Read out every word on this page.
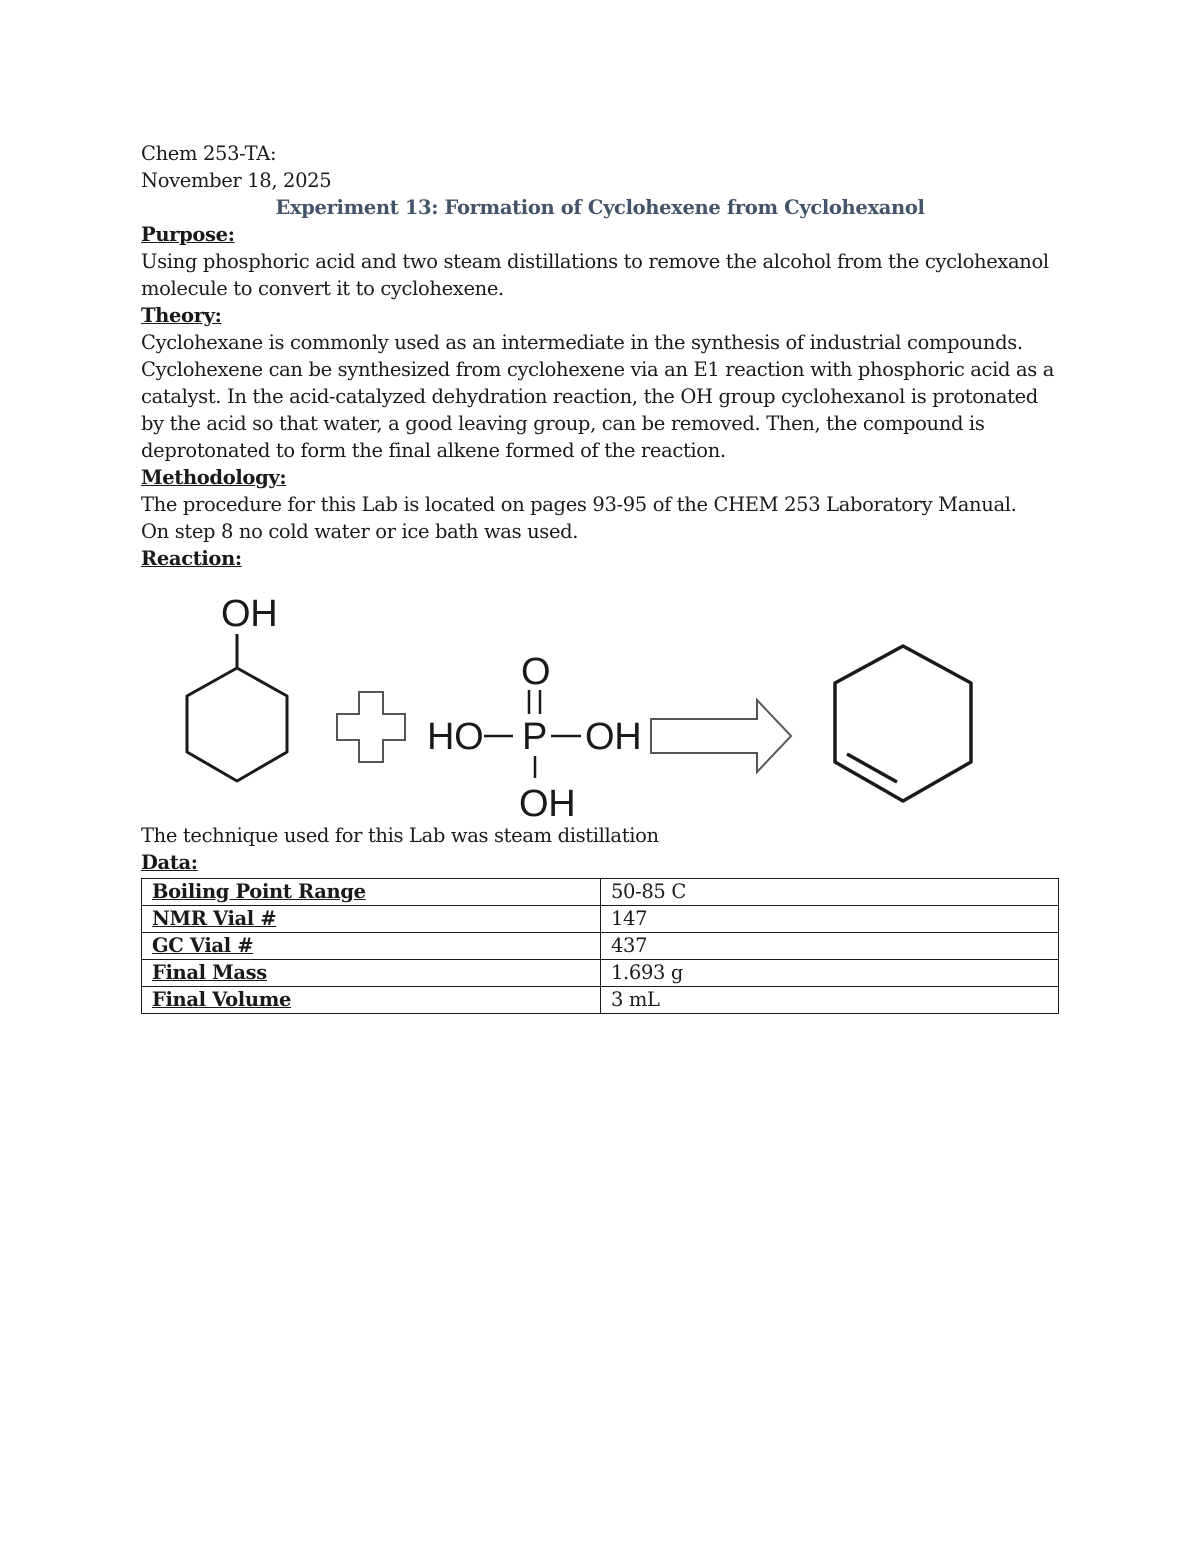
Chem 253-TA:

November 18, 2025

Experiment 13: Formation of Cyclohexene from Cyclohexanol

Purpose:

Using phosphoric acid and two steam distillations to remove the alcohol from the cyclohexanol molecule to convert it to cyclohexene.

Theory:

Cyclohexane is commonly used as an intermediate in the synthesis of industrial compounds. Cyclohexene can be synthesized from cyclohexene via an E1 reaction with phosphoric acid as a catalyst. In the acid-catalyzed dehydration reaction, the OH group cyclohexanol is protonated by the acid so that water, a good leaving group, can be removed. Then, the compound is deprotonated to form the final alkene formed of the reaction.

Methodology:

The procedure for this Lab is located on pages 93-95 of the CHEM 253 Laboratory Manual.

On step 8 no cold water or ice bath was used.

Reaction:

OH
O
HO P OH
OH

The technique used for this Lab was steam distillation

Data:

Boiling Point Range	50-85 C
NMR Vial #	147
GC Vial #	437
Final Mass	1.693 g
Final Volume	3 mL
